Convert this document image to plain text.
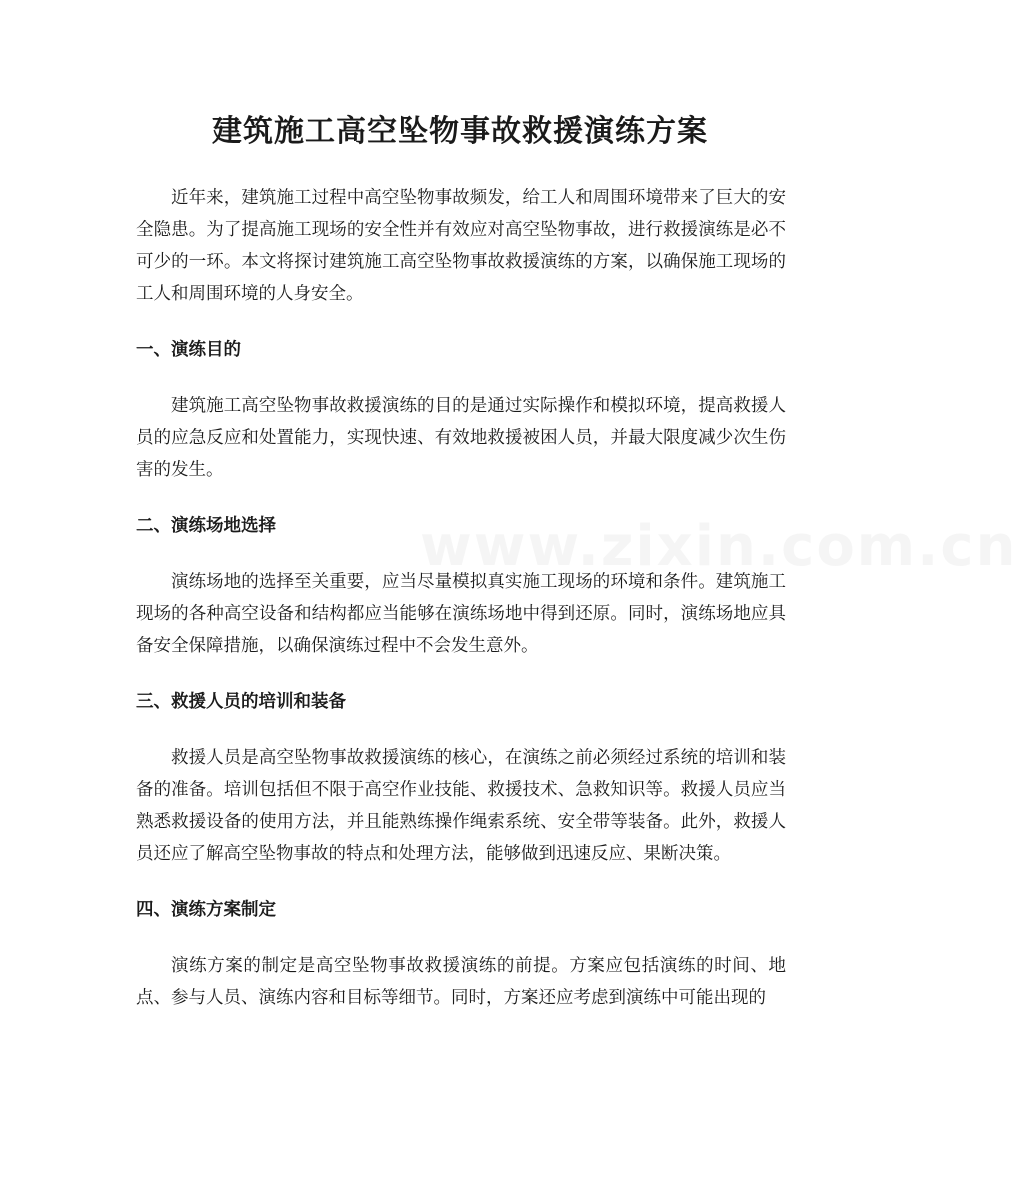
建筑施工高空坠物事故救援演练方案
www.zixin.com.cn

近年来，建筑施工过程中高空坠物事故频发，给工人和周围环境带来了巨大的安全隐患。为了提高施工现场的安全性并有效应对高空坠物事故，进行救援演练是必不可少的一环。本文将探讨建筑施工高空坠物事故救援演练的方案，以确保施工现场的工人和周围环境的人身安全。

一、演练目的

建筑施工高空坠物事故救援演练的目的是通过实际操作和模拟环境，提高救援人员的应急反应和处置能力，实现快速、有效地救援被困人员，并最大限度减少次生伤害的发生。

二、演练场地选择

演练场地的选择至关重要，应当尽量模拟真实施工现场的环境和条件。建筑施工现场的各种高空设备和结构都应当能够在演练场地中得到还原。同时，演练场地应具备安全保障措施，以确保演练过程中不会发生意外。

三、救援人员的培训和装备

救援人员是高空坠物事故救援演练的核心，在演练之前必须经过系统的培训和装备的准备。培训包括但不限于高空作业技能、救援技术、急救知识等。救援人员应当熟悉救援设备的使用方法，并且能熟练操作绳索系统、安全带等装备。此外，救援人员还应了解高空坠物事故的特点和处理方法，能够做到迅速反应、果断决策。

四、演练方案制定

演练方案的制定是高空坠物事故救援演练的前提。方案应包括演练的时间、地点、参与人员、演练内容和目标等细节。同时，方案还应考虑到演练中可能出现的
